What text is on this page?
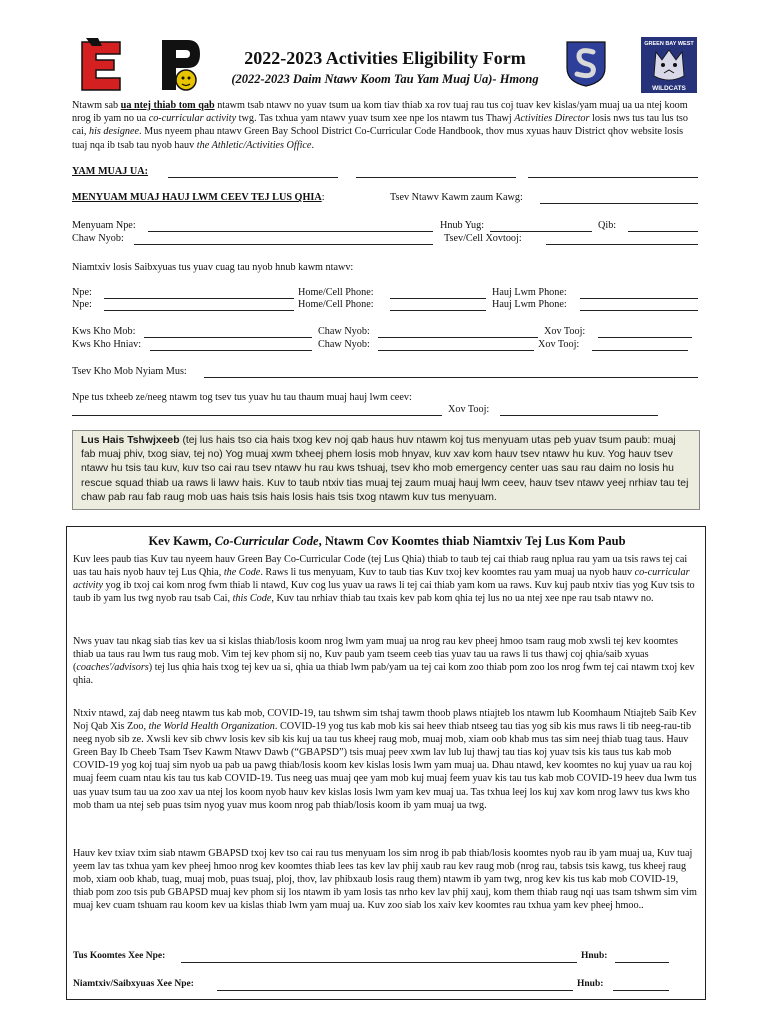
GREEN BAY WEST
WILDCATS
2022-2023 Activities Eligibility Form
(2022-2023 Daim Ntawv Koom Tau Yam Muaj Ua)- Hmong
Ntawm sab ua ntej thiab tom qab ntawm tsab ntawv no yuav tsum ua kom tiav thiab xa rov tuaj rau tus coj tuav kev kislas/yam muaj ua ua ntej koom nrog ib yam no ua co-curricular activity twg. Tas txhua yam ntawv yuav tsum xee npe los ntawm tus Thawj Activities Director losis nws tus tau lus tso cai, his designee. Mus nyeem phau ntawv Green Bay School District Co-Curricular Code Handbook, thov mus xyuas hauv District qhov website losis tuaj nqa ib tsab tau nyob hauv the Athletic/Activities Office.
YAM MUAJ UA:
MENYUAM MUAJ HAUJ LWM CEEV TEJ LUS QHIA:	Tsev Ntawv Kawm zaum Kawg:
Menyuam Npe:	Hnub Yug:	Qib:
Chaw Nyob:	Tsev/Cell Xovtooj:
Niamtxiv losis Saibxyuas tus yuav cuag tau nyob hnub kawm ntawv:
Npe:	Home/Cell Phone:	Hauj Lwm Phone:
Npe:	Home/Cell Phone:	Hauj Lwm Phone:
Kws Kho Mob:	Chaw Nyob:	Xov Tooj:
Kws Kho Hniav:	Chaw Nyob:	Xov Tooj:
Tsev Kho Mob Nyiam Mus:
Npe tus txheeb ze/neeg ntawm tog tsev tus yuav hu tau thaum muaj hauj lwm ceev:
Xov Tooj:
Lus Hais Tshwjxeeb (tej lus hais tso cia hais txog kev noj qab haus huv ntawm koj tus menyuam utas peb yuav tsum paub: muaj fab muaj phiv, txog siav, tej no) Yog muaj xwm txheej phem losis mob hnyav, kuv xav kom hauv tsev ntawv hu kuv. Yog hauv tsev ntawv hu tsis tau kuv, kuv tso cai rau tsev ntawv hu rau kws tshuaj, tsev kho mob emergency center uas sau rau daim no losis hu rescue squad thiab ua raws li lawv hais. Kuv to taub ntxiv tias muaj tej zaum muaj hauj lwm ceev, hauv tsev ntawv yeej nrhiav tau tej chaw pab rau fab raug mob uas hais tsis hais losis hais tsis txog ntawm kuv tus menyuam.
Kev Kawm, Co-Curricular Code, Ntawm Cov Koomtes thiab Niamtxiv Tej Lus Kom Paub
Kuv lees paub tias Kuv tau nyeem hauv Green Bay Co-Curricular Code (tej Lus Qhia) thiab to taub tej cai thiab raug nplua rau yam ua tsis raws tej cai uas tau hais nyob hauv tej Lus Qhia, the Code. Raws li tus menyuam, Kuv to taub tias Kuv txoj kev koomtes rau yam muaj ua nyob hauv co-curricular activity yog ib txoj cai kom nrog fwm thiab li ntawd, Kuv cog lus yuav ua raws li tej cai thiab yam kom ua raws. Kuv kuj paub ntxiv tias yog Kuv tsis to taub ib yam lus twg nyob rau tsab Cai, this Code, Kuv tau nrhiav thiab tau txais kev pab kom qhia tej lus no ua ntej xee npe rau tsab ntawv no.
Nws yuav tau nkag siab tias kev ua si kislas thiab/losis koom nrog lwm yam muaj ua nrog rau kev pheej hmoo tsam raug mob xwsli tej kev koomtes thiab ua taus rau lwm tus raug mob. Vim tej kev phom sij no, Kuv paub yam tseem ceeb tias yuav tau ua raws li tus thawj coj qhia/saib xyuas (coaches'/advisors) tej lus qhia hais txog tej kev ua si, qhia ua thiab lwm pab/yam ua tej cai kom zoo thiab pom zoo los nrog fwm tej cai ntawm txoj kev qhia.
Ntxiv ntawd, zaj dab neeg ntawm tus kab mob, COVID-19, tau tshwm sim tshaj tawm thoob plaws ntiajteb los ntawm lub Koomhaum Ntiajteb Saib Kev Noj Qab Xis Zoo, the World Health Organization. COVID-19 yog tus kab mob kis sai heev thiab ntseeg tau tias yog sib kis mus raws li tib neeg-rau-tib neeg nyob sib ze. Xwsli kev sib chwv losis kev sib kis kuj ua tau tus kheej raug mob, muaj mob, xiam oob khab mus tas sim neej thiab tuag taus. Hauv Green Bay Ib Cheeb Tsam Tsev Kawm Ntawv Dawb (“GBAPSD”) tsis muaj peev xwm lav lub luj thawj tau tias koj yuav tsis kis taus tus kab mob COVID-19 yog koj tuaj sim nyob ua pab ua pawg thiab/losis koom kev kislas losis lwm yam muaj ua. Dhau ntawd, kev koomtes no kuj yuav ua rau koj muaj feem cuam ntau kis tau tus kab COVID-19. Tus neeg uas muaj qee yam mob kuj muaj feem yuav kis tau tus kab mob COVID-19 heev dua lwm tus uas yuav tsum tau ua zoo xav ua ntej los koom nyob hauv kev kislas losis lwm yam kev muaj ua. Tas txhua leej los kuj xav kom nrog lawv tus kws kho mob tham ua ntej seb puas tsim nyog yuav mus koom nrog pab thiab/losis koom ib yam muaj ua twg.
Hauv kev txiav txim siab ntawm GBAPSD txoj kev tso cai rau tus menyuam los sim nrog ib pab thiab/losis koomtes nyob rau ib yam muaj ua, Kuv tuaj yeem lav tas txhua yam kev pheej hmoo nrog kev koomtes thiab lees tas kev lav phij xaub rau kev raug mob (nrog rau, tabsis tsis kawg, tus kheej raug mob, xiam oob khab, tuag, muaj mob, puas tsuaj, ploj, thov, lav phibxaub losis raug them) ntawm ib yam twg, nrog kev kis tus kab mob COVID-19, thiab pom zoo tsis pub GBAPSD muaj kev phom sij los ntawm ib yam losis tas nrho kev lav phij xauj, kom them thiab raug nqi uas tsam tshwm sim vim muaj kev cuam tshuam rau koom kev ua kislas thiab lwm yam muaj ua. Kuv zoo siab los xaiv kev koomtes rau txhua yam kev pheej hmoo..
Tus Koomtes Xee Npe:	Hnub:
Niamtxiv/Saibxyuas Xee Npe:	Hnub:
